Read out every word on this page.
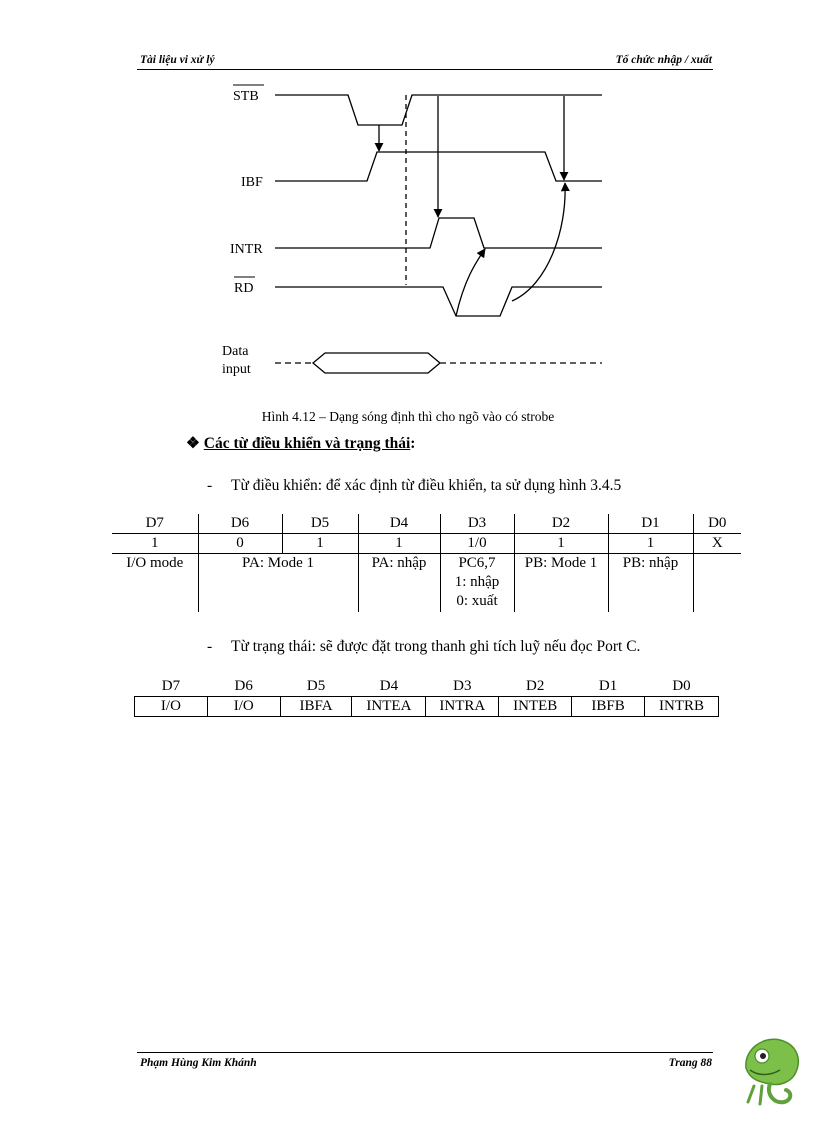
Tài liệu vi xử lý	Tổ chức nhập / xuất
STB
IBF
INTR
RD
Data
input
Hình 4.12 – Dạng sóng định thì cho ngõ vào có strobe
❖ Các từ điều khiển và trạng thái:
- Từ điều khiển: để xác định từ điều khiển, ta sử dụng hình 3.4.5
D7	D6	D5	D4	D3	D2	D1	D0
1	0	1	1	1/0	1	1	X
I/O mode	PA: Mode 1		PA: nhập	PC6,7
1: nhập
0: xuất	PB: Mode 1	PB: nhập	
- Từ trạng thái: sẽ được đặt trong thanh ghi tích luỹ nếu đọc Port C.
D7	D6	D5	D4	D3	D2	D1	D0
I/O	I/O	IBFA	INTEA	INTRA	INTEB	IBFB	INTRB
Phạm Hùng Kim Khánh	Trang 88
